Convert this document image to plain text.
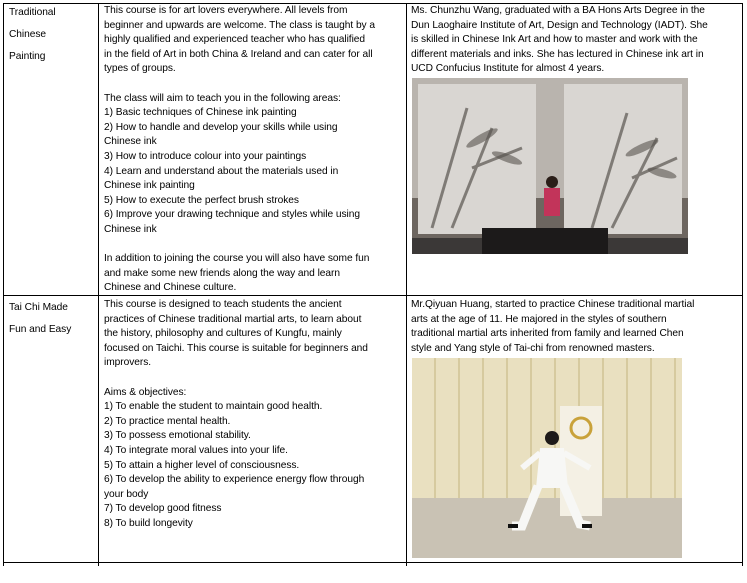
Traditional

Chinese

Painting

This course is for art lovers everywhere. All levels from

beginner and upwards are welcome. The class is taught by a

highly qualified and experienced teacher who has qualified

in the field of Art in both China & Ireland and can cater for all

types of groups.

The class will aim to teach you in the following areas:

1) Basic techniques of Chinese ink painting

2) How to handle and develop your skills while using

Chinese ink

3) How to introduce colour into your paintings

4) Learn and understand about the materials used in

Chinese ink painting

5) How to execute the perfect brush strokes

6) Improve your drawing technique and styles while using

Chinese ink

In addition to joining the course you will also have some fun

and make some new friends along the way and learn

Chinese and Chinese culture.

Ms. Chunzhu Wang, graduated with a BA Hons Arts Degree in the

Dun Laoghaire Institute of Art, Design and Technology (IADT). She

is skilled in Chinese Ink Art and how to master and work with the

different materials and inks. She has lectured in Chinese ink art in

UCD Confucius Institute for almost 4 years.

Tai Chi Made

Fun and Easy

This course is designed to teach students the ancient

practices of Chinese traditional martial arts, to learn about

the history, philosophy and cultures of Kungfu, mainly

focused on Taichi. This course is suitable for beginners and

improvers.

Aims & objectives:

1) To enable the student to maintain good health.

2) To practice mental health.

3) To possess emotional stability.

4) To integrate moral values into your life.

5) To attain a higher level of consciousness.

6) To develop the ability to experience energy flow through

your body

7) To develop good fitness

8) To build longevity

Mr.Qiyuan Huang, started to practice Chinese traditional martial

arts at the age of 11. He majored in the styles of southern

traditional martial arts inherited from family and learned Chen

style and Yang style of Tai-chi from renowned masters.
